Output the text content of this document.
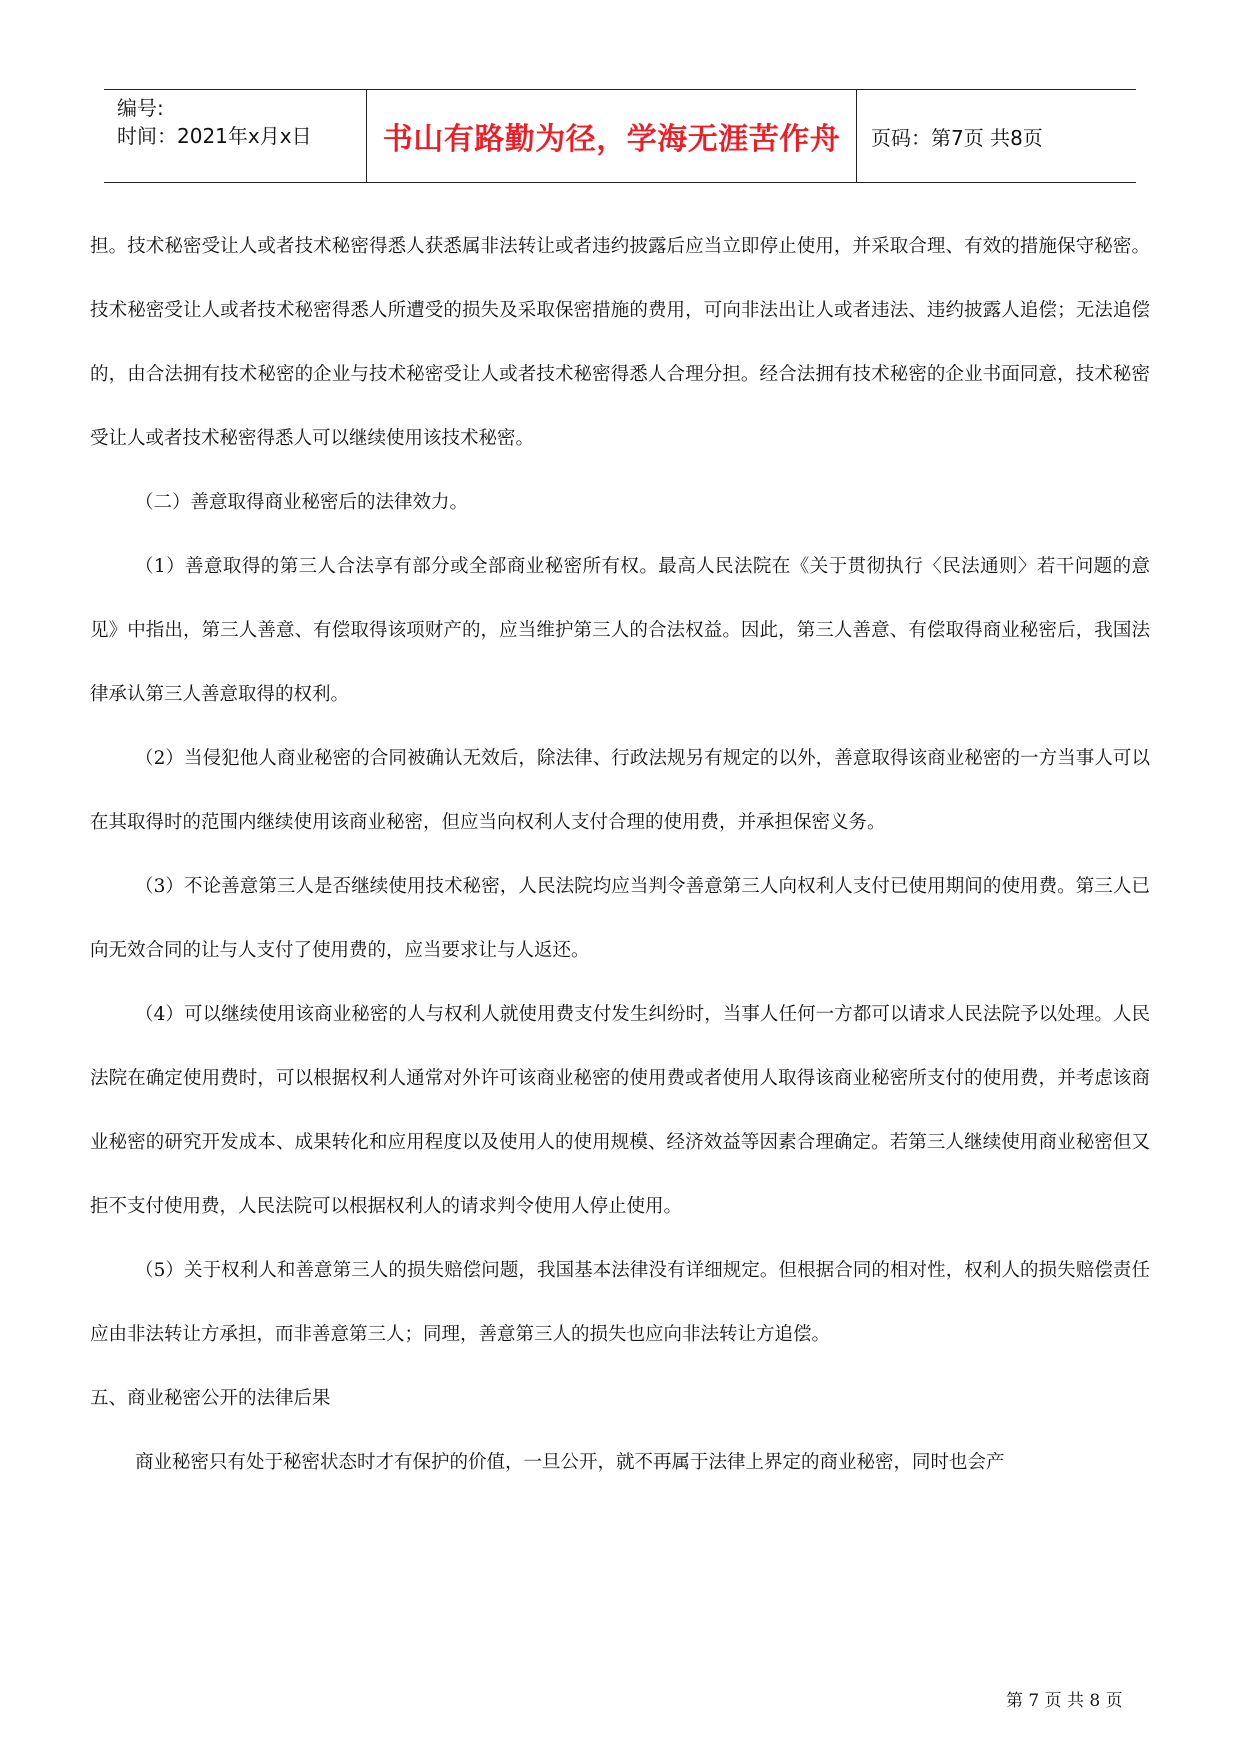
编号:
时间：2021年x月x日	书山有路勤为径，学海无涯苦作舟	页码：第7页 共8页

担。技术秘密受让人或者技术秘密得悉人获悉属非法转让或者违约披露后应当立即停止使用，并采取合理、有效的措施保守秘密。技术秘密受让人或者技术秘密得悉人所遭受的损失及采取保密措施的费用，可向非法出让人或者违法、违约披露人追偿；无法追偿的，由合法拥有技术秘密的企业与技术秘密受让人或者技术秘密得悉人合理分担。经合法拥有技术秘密的企业书面同意，技术秘密受让人或者技术秘密得悉人可以继续使用该技术秘密。

（二）善意取得商业秘密后的法律效力。

（1）善意取得的第三人合法享有部分或全部商业秘密所有权。最高人民法院在《关于贯彻执行〈民法通则〉若干问题的意见》中指出，第三人善意、有偿取得该项财产的，应当维护第三人的合法权益。因此，第三人善意、有偿取得商业秘密后，我国法律承认第三人善意取得的权利。

（2）当侵犯他人商业秘密的合同被确认无效后，除法律、行政法规另有规定的以外，善意取得该商业秘密的一方当事人可以在其取得时的范围内继续使用该商业秘密，但应当向权利人支付合理的使用费，并承担保密义务。

（3）不论善意第三人是否继续使用技术秘密，人民法院均应当判令善意第三人向权利人支付已使用期间的使用费。第三人已向无效合同的让与人支付了使用费的，应当要求让与人返还。

（4）可以继续使用该商业秘密的人与权利人就使用费支付发生纠纷时，当事人任何一方都可以请求人民法院予以处理。人民法院在确定使用费时，可以根据权利人通常对外许可该商业秘密的使用费或者使用人取得该商业秘密所支付的使用费，并考虑该商业秘密的研究开发成本、成果转化和应用程度以及使用人的使用规模、经济效益等因素合理确定。若第三人继续使用商业秘密但又拒不支付使用费，人民法院可以根据权利人的请求判令使用人停止使用。

（5）关于权利人和善意第三人的损失赔偿问题，我国基本法律没有详细规定。但根据合同的相对性，权利人的损失赔偿责任应由非法转让方承担，而非善意第三人；同理，善意第三人的损失也应向非法转让方追偿。

五、商业秘密公开的法律后果

商业秘密只有处于秘密状态时才有保护的价值，一旦公开，就不再属于法律上界定的商业秘密，同时也会产

第 7 页 共 8 页
